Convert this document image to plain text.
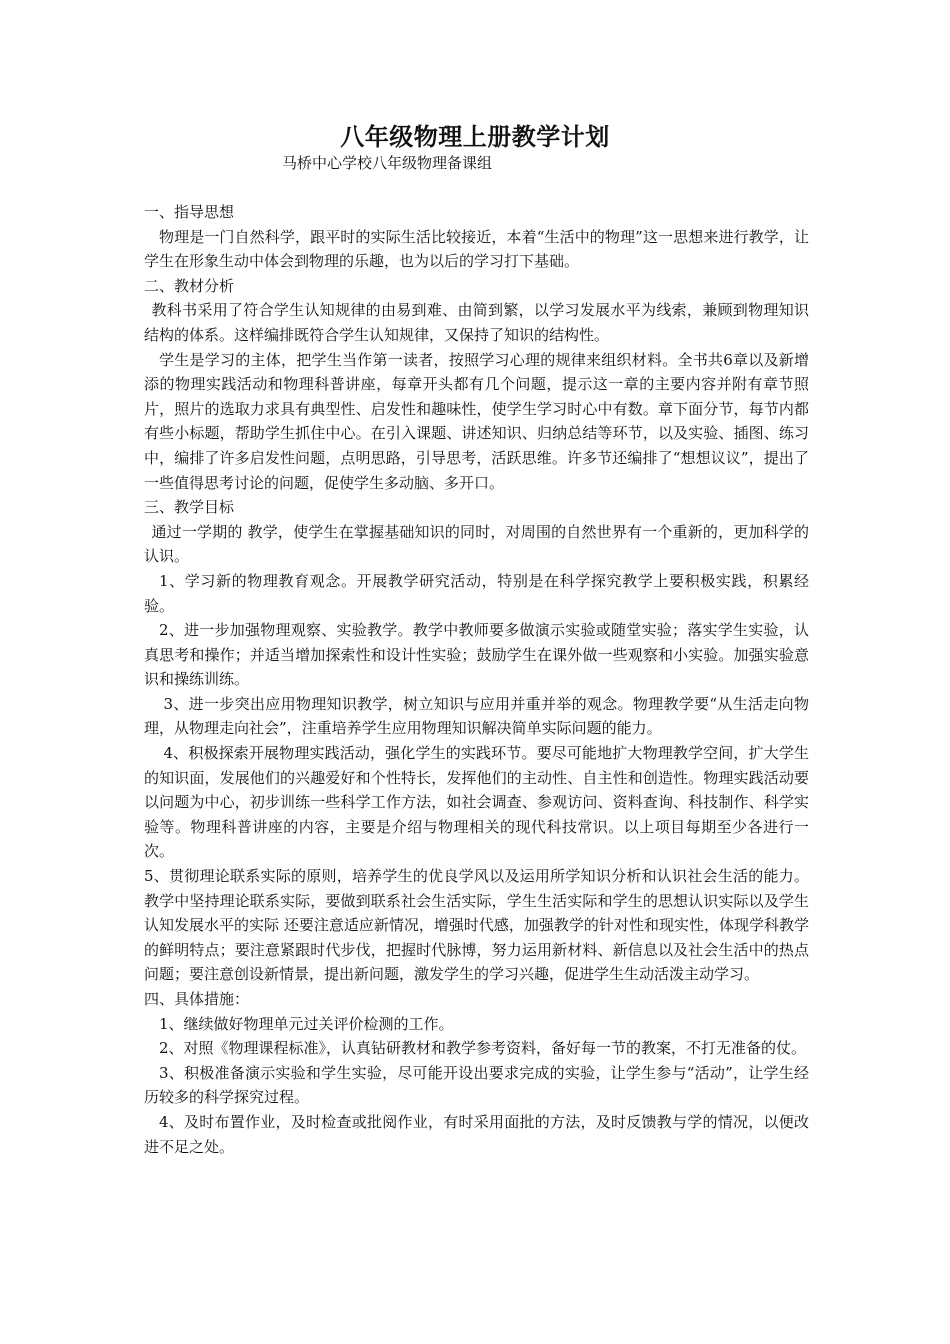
八年级物理上册教学计划
马桥中心学校八年级物理备课组

一、指导思想

物理是一门自然科学，跟平时的实际生活比较接近，本着“生活中的物理”这一思想来进行教学，让学生在形象生动中体会到物理的乐趣，也为以后的学习打下基础。

二、教材分析

教科书采用了符合学生认知规律的由易到难、由简到繁，以学习发展水平为线索，兼顾到物理知识结构的体系。这样编排既符合学生认知规律，又保持了知识的结构性。

学生是学习的主体，把学生当作第一读者，按照学习心理的规律来组织材料。全书共6章以及新增添的物理实践活动和物理科普讲座，每章开头都有几个问题，提示这一章的主要内容并附有章节照片，照片的选取力求具有典型性、启发性和趣味性，使学生学习时心中有数。章下面分节，每节内都有些小标题，帮助学生抓住中心。在引入课题、讲述知识、归纳总结等环节，以及实验、插图、练习中，编排了许多启发性问题，点明思路，引导思考，活跃思维。许多节还编排了“想想议议”，提出了一些值得思考讨论的问题，促使学生多动脑、多开口。

三、教学目标

通过一学期的 教学，使学生在掌握基础知识的同时，对周围的自然世界有一个重新的，更加科学的认识。

1、学习新的物理教育观念。开展教学研究活动，特别是在科学探究教学上要积极实践，积累经验。

2、进一步加强物理观察、实验教学。教学中教师要多做演示实验或随堂实验；落实学生实验，认真思考和操作；并适当增加探索性和设计性实验；鼓励学生在课外做一些观察和小实验。加强实验意识和操练训练。

3、进一步突出应用物理知识教学，树立知识与应用并重并举的观念。物理教学要“从生活走向物理，从物理走向社会”，注重培养学生应用物理知识解决简单实际问题的能力。

4、积极探索开展物理实践活动，强化学生的实践环节。要尽可能地扩大物理教学空间，扩大学生的知识面，发展他们的兴趣爱好和个性特长，发挥他们的主动性、自主性和创造性。物理实践活动要以问题为中心，初步训练一些科学工作方法，如社会调查、参观访问、资料查询、科技制作、科学实验等。物理科普讲座的内容，主要是介绍与物理相关的现代科技常识。以上项目每期至少各进行一次。

5、贯彻理论联系实际的原则，培养学生的优良学风以及运用所学知识分析和认识社会生活的能力。教学中坚持理论联系实际，要做到联系社会生活实际，学生生活实际和学生的思想认识实际以及学生认知发展水平的实际 还要注意适应新情况，增强时代感，加强教学的针对性和现实性，体现学科教学的鲜明特点；要注意紧跟时代步伐，把握时代脉博，努力运用新材料、新信息以及社会生活中的热点问题；要注意创设新情景，提出新问题，激发学生的学习兴趣，促进学生生动活泼主动学习。

四、具体措施：

1、继续做好物理单元过关评价检测的工作。

2、对照《物理课程标准》，认真钻研教材和教学参考资料，备好每一节的教案，不打无准备的仗。

3、积极准备演示实验和学生实验，尽可能开设出要求完成的实验，让学生参与“活动”，让学生经历较多的科学探究过程。

4、及时布置作业，及时检查或批阅作业，有时采用面批的方法，及时反馈教与学的情况，以便改进不足之处。
